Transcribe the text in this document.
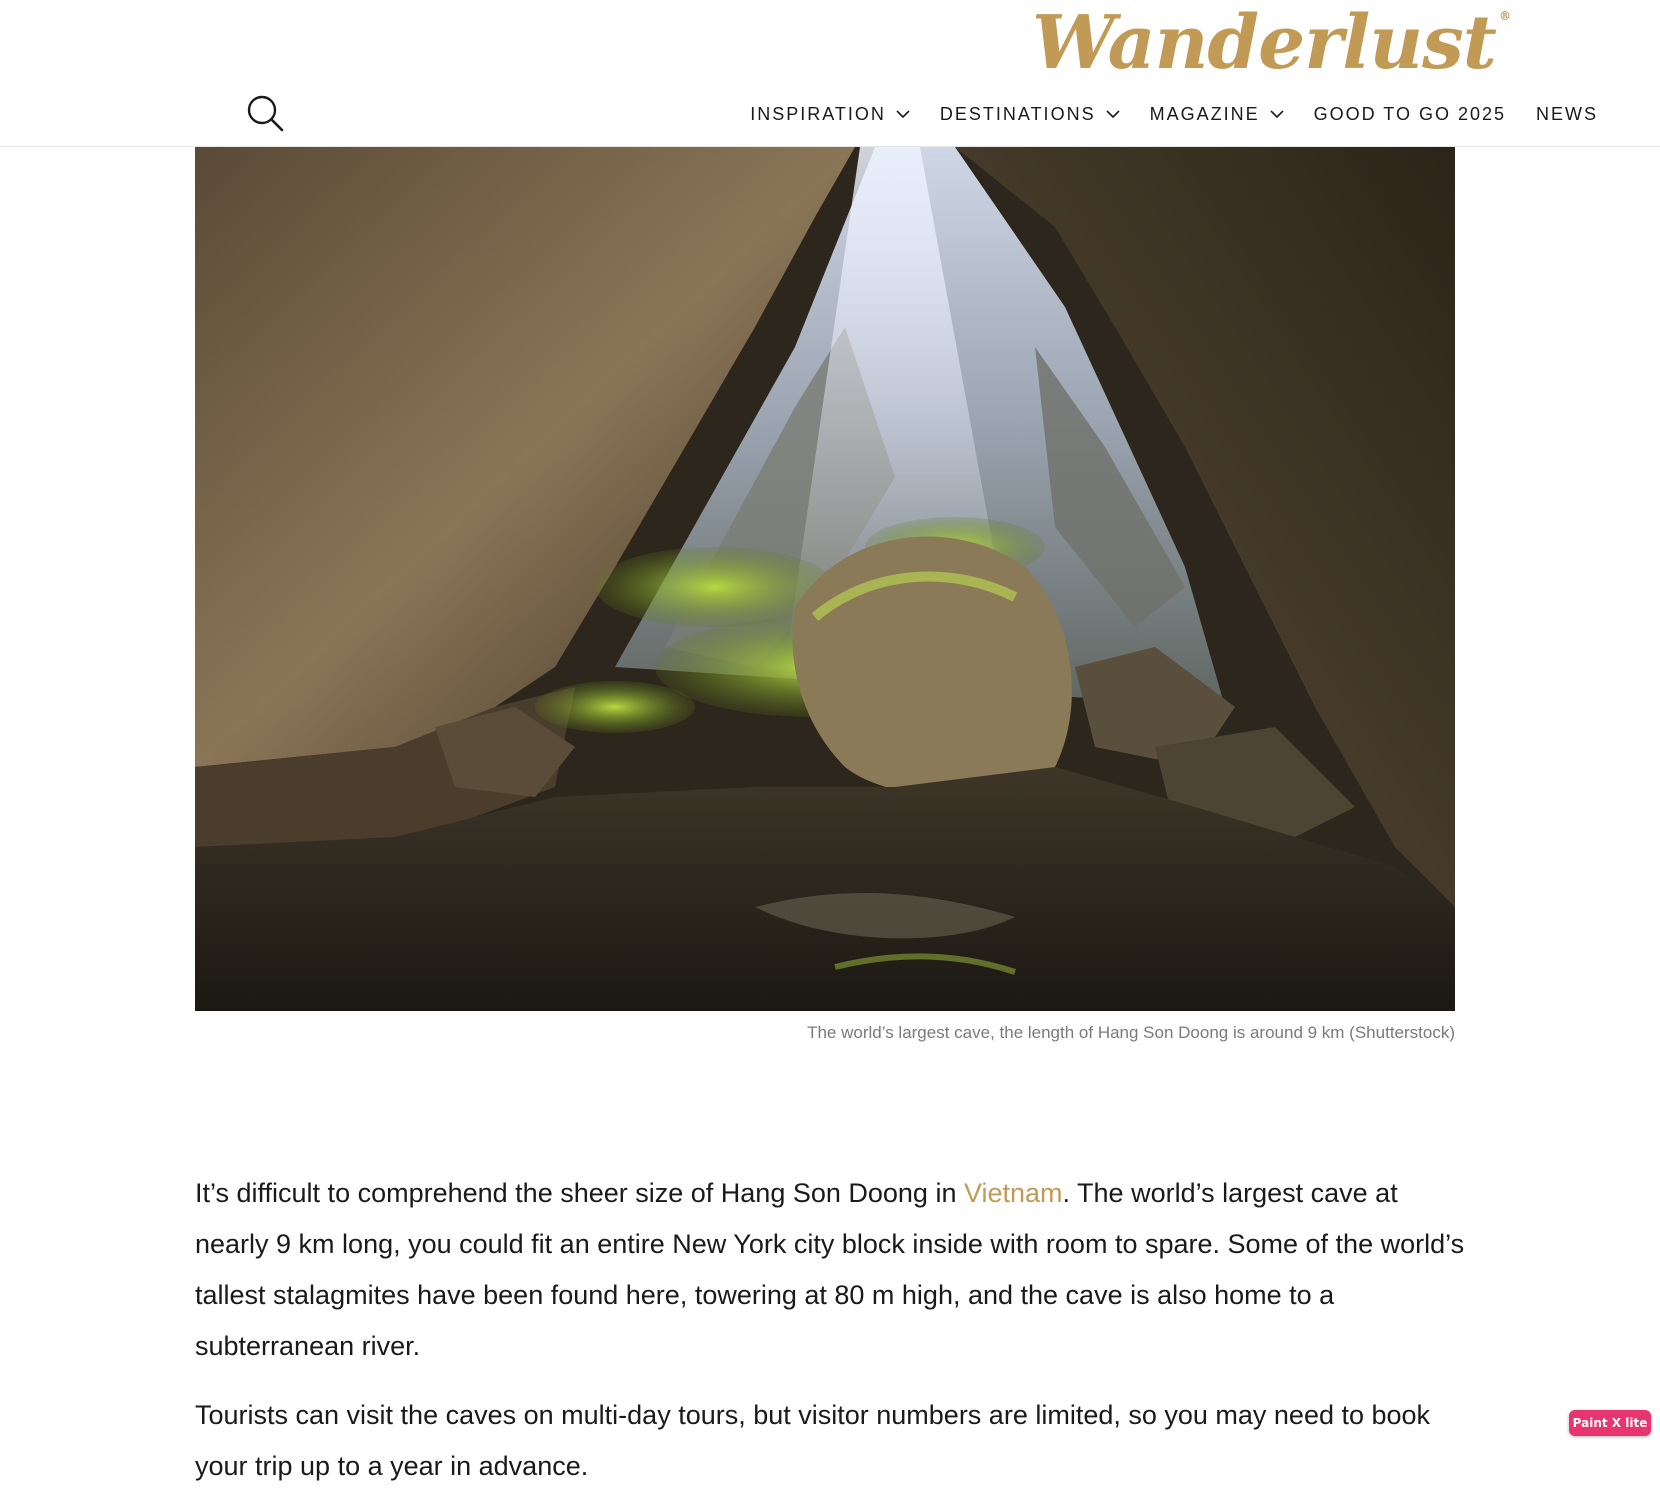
Wanderlust ®
INSPIRATION	DESTINATIONS	MAGAZINE	GOOD TO GO 2025 NEWS
The world’s largest cave, the length of Hang Son Doong is around 9 km (Shutterstock)

It’s difficult to comprehend the sheer size of Hang Son Doong in Vietnam. The world’s largest cave at nearly 9 km long, you could fit an entire New York city block inside with room to spare. Some of the world’s tallest stalagmites have been found here, towering at 80 m high, and the cave is also home to a subterranean river.

Tourists can visit the caves on multi-day tours, but visitor numbers are limited, so you may need to book your trip up to a year in advance.

Paint X lite
